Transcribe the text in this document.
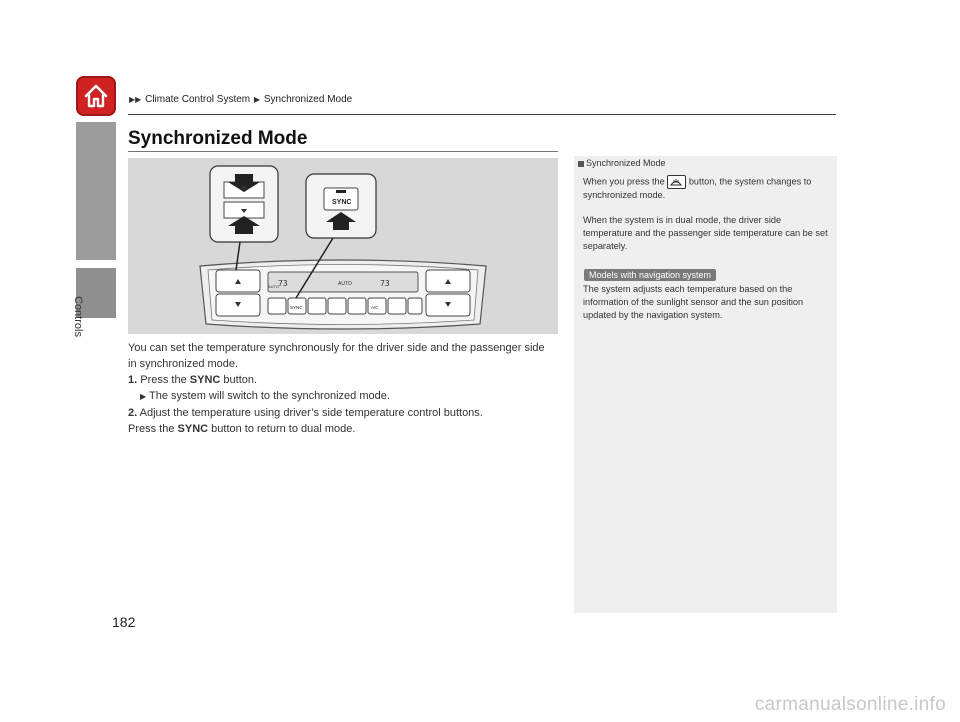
▶▶ Climate Control System ▶ Synchronized Mode
Controls
Synchronized Mode
73	73
AUTO
AUTO
SYNC	A/C
SYNC

You can set the temperature synchronously for the driver side and the passenger side in synchronized mode.

1. Press the SYNC button.

▶ The system will switch to the synchronized mode.

2. Adjust the temperature using driver’s side temperature control buttons.

Press the SYNC button to return to dual mode.

Synchronized Mode
When you press the
button, the system changes to synchronized mode.
When the system is in dual mode, the driver side temperature and the passenger side temperature can be set separately.
Models with navigation system
The system adjusts each temperature based on the information of the sunlight sensor and the sun position updated by the navigation system.
182
carmanualsonline.info
